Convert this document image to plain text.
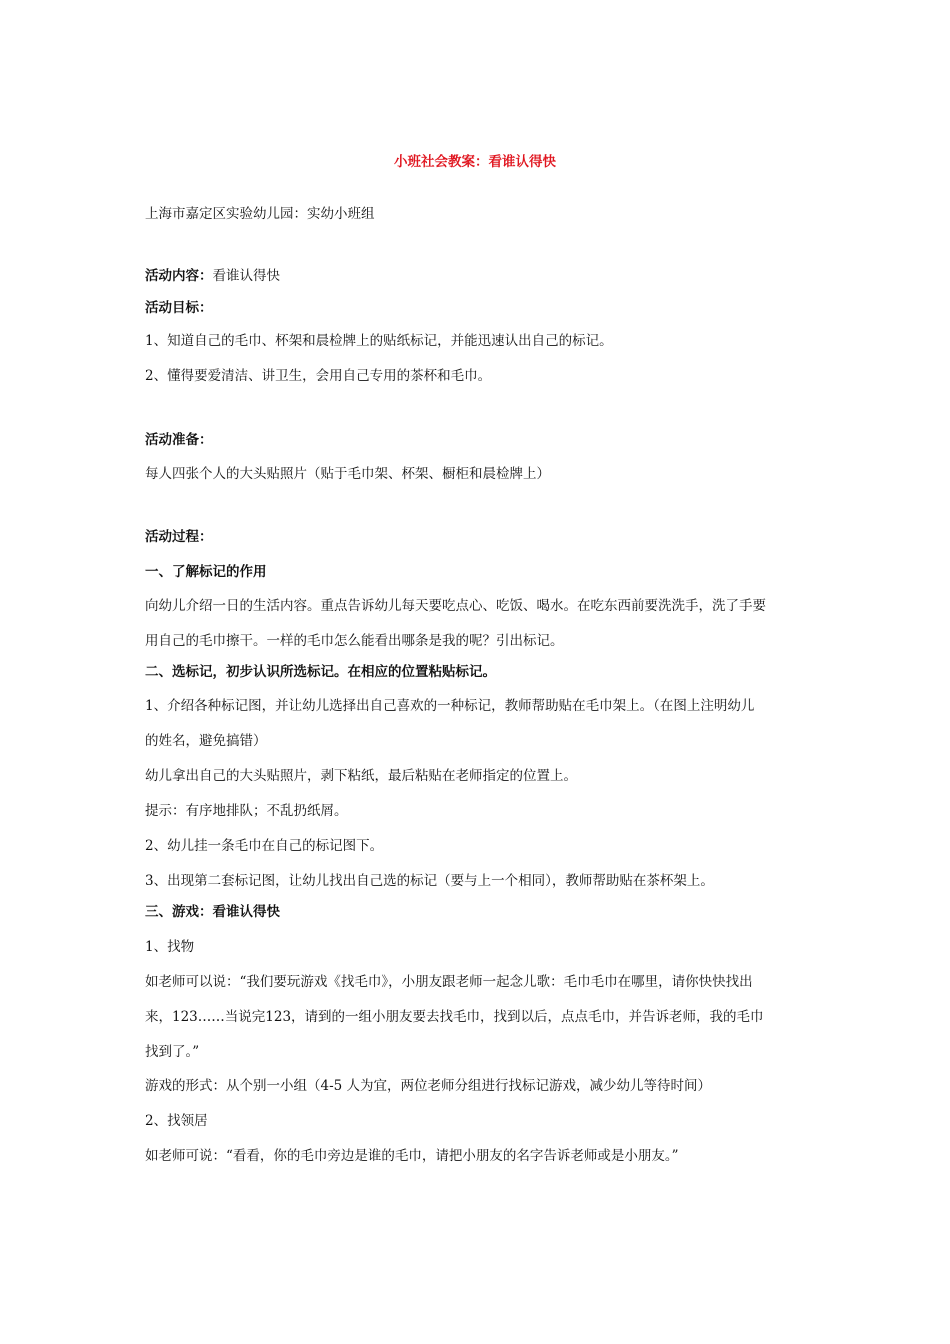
小班社会教案：看谁认得快
上海市嘉定区实验幼儿园：实幼小班组
活动内容：看谁认得快
活动目标：
1、知道自己的毛巾、杯架和晨检牌上的贴纸标记，并能迅速认出自己的标记。
2、懂得要爱清洁、讲卫生，会用自己专用的茶杯和毛巾。
活动准备：
每人四张个人的大头贴照片（贴于毛巾架、杯架、橱柜和晨检牌上）
活动过程：
一、了解标记的作用
向幼儿介绍一日的生活内容。重点告诉幼儿每天要吃点心、吃饭、喝水。在吃东西前要洗洗手，洗了手要
用自己的毛巾擦干。一样的毛巾怎么能看出哪条是我的呢？引出标记。
二、选标记，初步认识所选标记。在相应的位置粘贴标记。
1、介绍各种标记图，并让幼儿选择出自己喜欢的一种标记，教师帮助贴在毛巾架上。（在图上注明幼儿
的姓名，避免搞错）
幼儿拿出自己的大头贴照片，剥下粘纸，最后粘贴在老师指定的位置上。
提示：有序地排队；不乱扔纸屑。
2、幼儿挂一条毛巾在自己的标记图下。
3、出现第二套标记图，让幼儿找出自己选的标记（要与上一个相同），教师帮助贴在茶杯架上。
三、游戏：看谁认得快
1、找物
如老师可以说：“我们要玩游戏《找毛巾》，小朋友跟老师一起念儿歌：毛巾毛巾在哪里，请你快快找出
来，123……当说完123，请到的一组小朋友要去找毛巾，找到以后，点点毛巾，并告诉老师，我的毛巾
找到了。”
游戏的形式：从个别一小组（4-5 人为宜，两位老师分组进行找标记游戏，减少幼儿等待时间）
2、找领居
如老师可说：“看看，你的毛巾旁边是谁的毛巾，请把小朋友的名字告诉老师或是小朋友。”
